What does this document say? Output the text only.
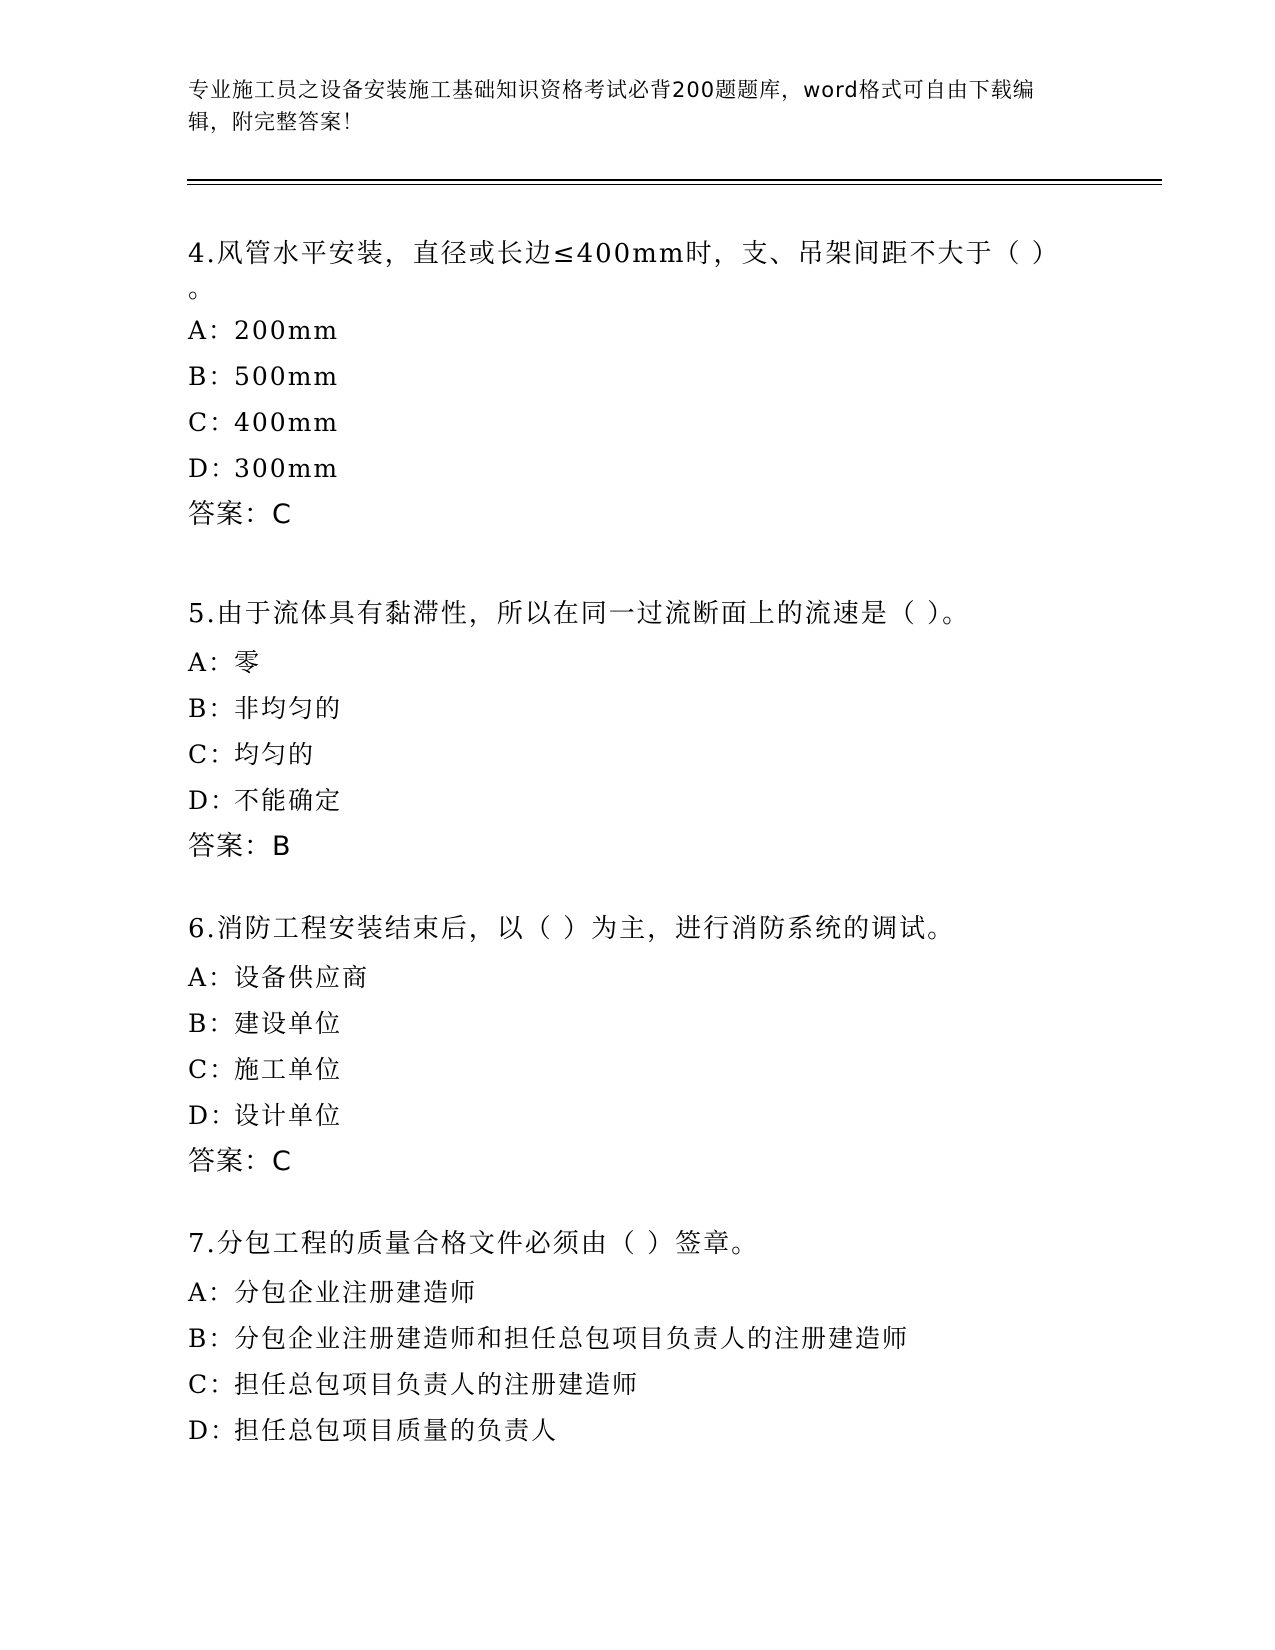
专业施工员之设备安装施工基础知识资格考试必背200题题库，word格式可自由下载编辑，附完整答案！
4.风管水平安装，直径或长边≤400mm时，支、吊架间距不大于（ ）
。
A：200mm
B：500mm
C：400mm
D：300mm
答案：C
5.由于流体具有黏滞性，所以在同一过流断面上的流速是（ ）。
A：零
B：非均匀的
C：均匀的
D：不能确定
答案：B
6.消防工程安装结束后，以（ ）为主，进行消防系统的调试。
A：设备供应商
B：建设单位
C：施工单位
D：设计单位
答案：C
7.分包工程的质量合格文件必须由（ ）签章。
A：分包企业注册建造师
B：分包企业注册建造师和担任总包项目负责人的注册建造师
C：担任总包项目负责人的注册建造师
D：担任总包项目质量的负责人
